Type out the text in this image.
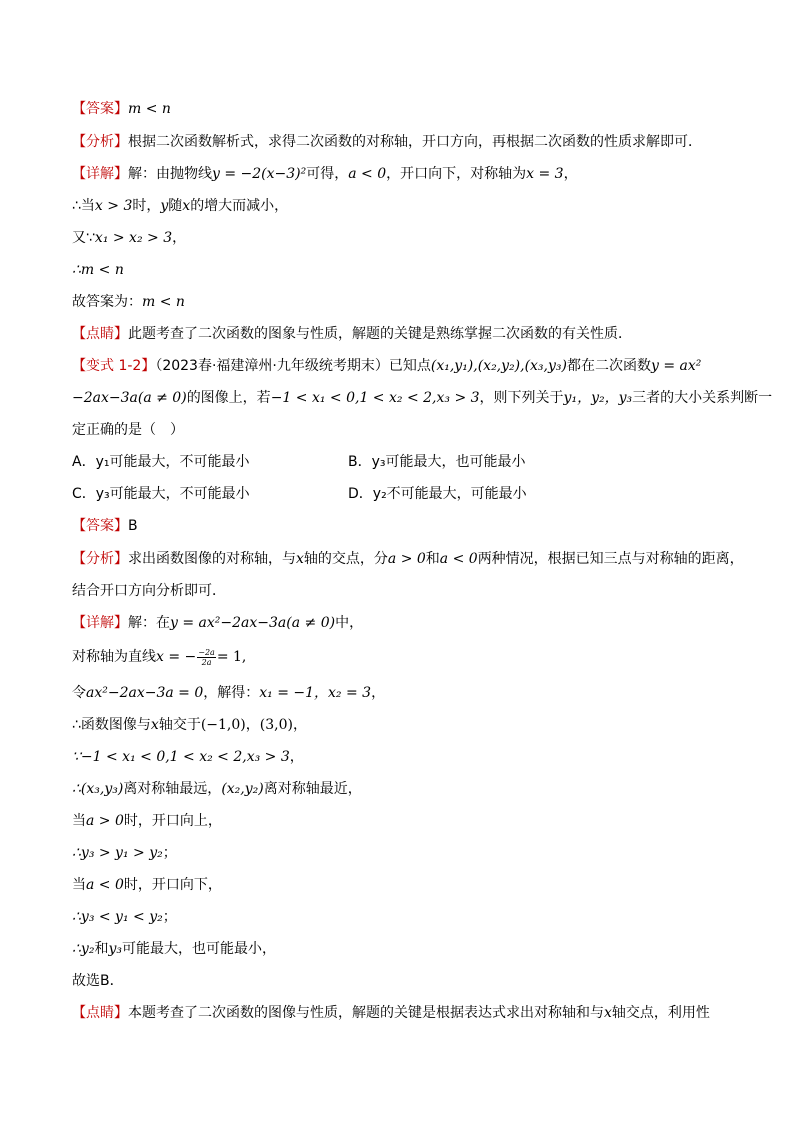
【答案】m < n
【分析】根据二次函数解析式，求得二次函数的对称轴，开口方向，再根据二次函数的性质求解即可．
【详解】解：由抛物线y = −2(x−3)²可得，a < 0，开口向下，对称轴为x = 3，
∴当x > 3时，y随x的增大而减小，
又∵x₁ > x₂ > 3，
∴m < n
故答案为：m < n
【点睛】此题考查了二次函数的图象与性质，解题的关键是熟练掌握二次函数的有关性质．
【变式 1-2】（2023春·福建漳州·九年级统考期末）已知点(x₁,y₁),(x₂,y₂),(x₃,y₃)都在二次函数y = ax²
−2ax−3a(a ≠ 0)的图像上，若−1 < x₁ < 0,1 < x₂ < 2,x₃ > 3，则下列关于y₁，y₂，y₃三者的大小关系判断一
定正确的是（　）
A．y₁可能最大，不可能最小	B．y₃可能最大，也可能最小
C．y₃可能最大，不可能最小	D．y₂不可能最大，可能最小
【答案】B
【分析】求出函数图像的对称轴，与x轴的交点，分a > 0和a < 0两种情况，根据已知三点与对称轴的距离，
结合开口方向分析即可．
【详解】解：在y = ax²−2ax−3a(a ≠ 0)中，
对称轴为直线x = − $\frac{-2a}{2a} = 1$,
令ax²−2ax−3a = 0，解得：x₁ = −1，x₂ = 3，
∴函数图像与x轴交于(−1,0)，(3,0)，
∵−1 < x₁ < 0,1 < x₂ < 2,x₃ > 3，
∴(x₃,y₃)离对称轴最远，(x₂,y₂)离对称轴最近，
当a > 0时，开口向上，
∴y₃ > y₁ > y₂；
当a < 0时，开口向下，
∴y₃ < y₁ < y₂；
∴y₂和y₃可能最大，也可能最小，
故选B．
【点睛】本题考查了二次函数的图像与性质，解题的关键是根据表达式求出对称轴和与x轴交点，利用性
